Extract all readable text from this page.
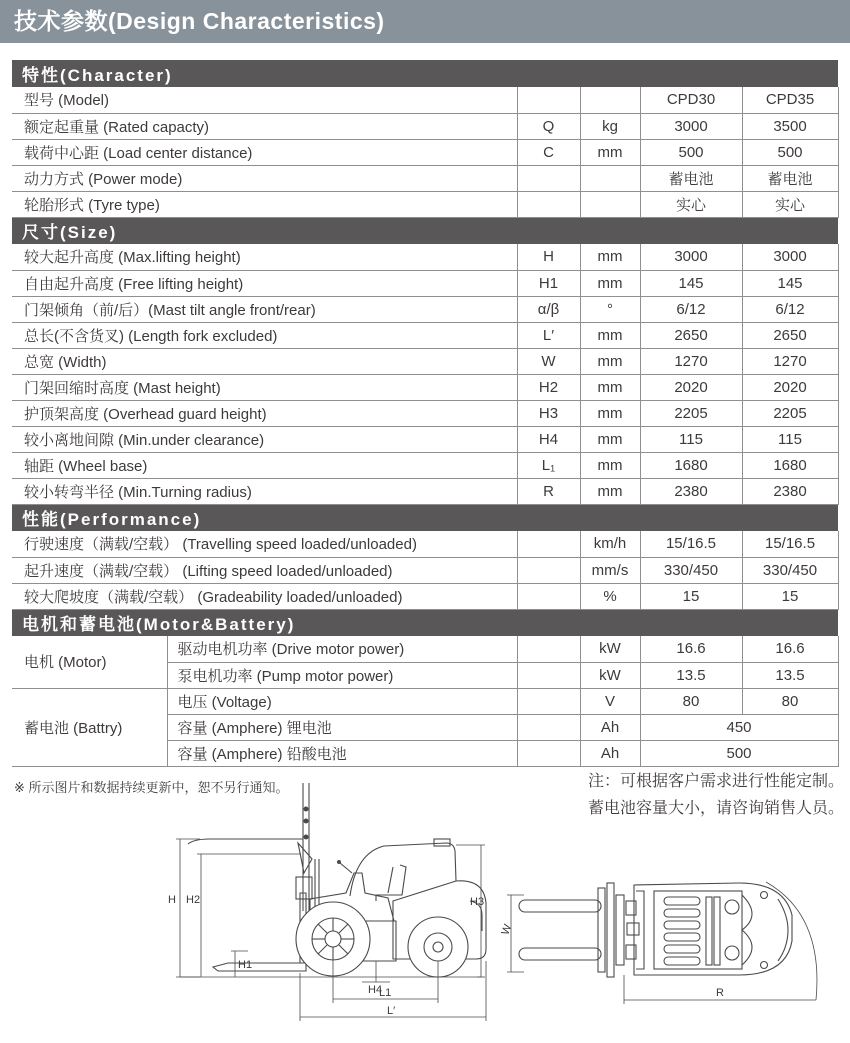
技术参数(Design Characteristics)
特性(Character)					
型号 (Model)				CPD30	CPD35
额定起重量 (Rated capacty)		Q	kg	3000	3500
载荷中心距 (Load center distance)		C	mm	500	500
动力方式 (Power mode)				蓄电池	蓄电池
轮胎形式 (Tyre type)				实心	实心
尺寸(Size)					
较大起升高度 (Max.lifting height)		H	mm	3000	3000
自由起升高度 (Free lifting height)		H1	mm	145	145
门架倾角（前/后）(Mast tilt angle front/rear)		α/β	°	6/12	6/12
总长(不含货叉) (Length fork excluded)		L′	mm	2650	2650
总宽 (Width)		W	mm	1270	1270
门架回缩时高度 (Mast height)		H2	mm	2020	2020
护顶架高度 (Overhead guard height)		H3	mm	2205	2205
较小离地间隙 (Min.under clearance)		H4	mm	115	115
轴距 (Wheel base)		L₁	mm	1680	1680
较小转弯半径 (Min.Turning radius)		R	mm	2380	2380
性能(Performance)					
行驶速度（满载/空载） (Travelling speed loaded/unloaded)			km/h	15/16.5	15/16.5
起升速度（满载/空载） (Lifting speed loaded/unloaded)			mm/s	330/450	330/450
较大爬坡度（满载/空载） (Gradeability loaded/unloaded)			%	15	15
电机和蓄电池(Motor&Battery)					
电机 (Motor)	驱动电机功率 (Drive motor power)		kW	16.6	16.6
	泵电机功率 (Pump motor power)		kW	13.5	13.5
蓄电池 (Battry)	电压 (Voltage)		V	80	80
	容量 (Amphere) 锂电池		Ah	450	
	容量 (Amphere) 铅酸电池		Ah	500	
※ 所示图片和数据持续更新中，恕不另行通知。	注：可根据客户需求进行性能定制。
蓄电池容量大小，请咨询销售人员。
H H2
H1
H3
H4
L1
L′
W
R
